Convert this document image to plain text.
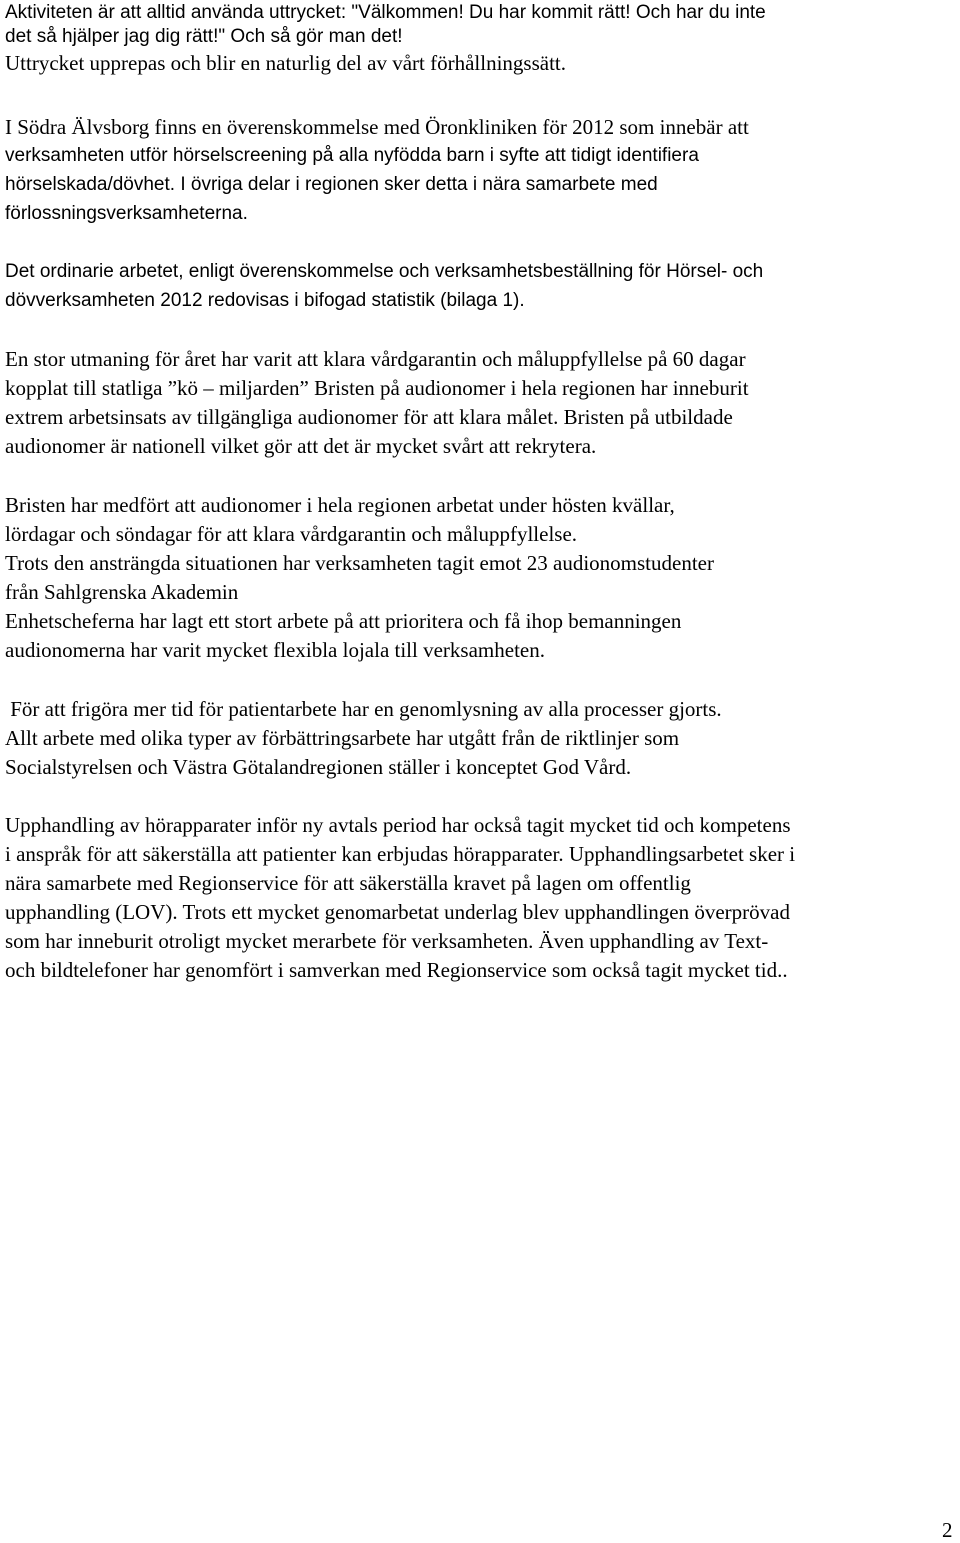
Aktiviteten är att alltid använda uttrycket: "Välkommen! Du har kommit rätt! Och har du inte
det så hjälper jag dig rätt!" Och så gör man det!
Uttrycket upprepas och blir en naturlig del av vårt förhållningssätt.
I Södra Älvsborg finns en överenskommelse med Öronkliniken för 2012 som innebär att
verksamheten utför hörselscreening på alla nyfödda barn i syfte att tidigt identifiera
hörselskada/dövhet. I övriga delar i regionen sker detta i nära samarbete med
förlossningsverksamheterna.
Det ordinarie arbetet, enligt överenskommelse och verksamhetsbeställning för Hörsel- och
dövverksamheten 2012 redovisas i bifogad statistik (bilaga 1).
En stor utmaning för året har varit att klara vårdgarantin och måluppfyllelse på 60 dagar
kopplat till statliga ”kö – miljarden” Bristen på audionomer i hela regionen har inneburit
extrem arbetsinsats av tillgängliga audionomer för att klara målet. Bristen på utbildade
audionomer är nationell vilket gör att det är mycket svårt att rekrytera.
Bristen har medfört att audionomer i hela regionen arbetat under hösten kvällar,
lördagar och söndagar för att klara vårdgarantin och måluppfyllelse.
Trots den ansträngda situationen har verksamheten tagit emot 23 audionomstudenter
från Sahlgrenska Akademin
Enhetscheferna har lagt ett stort arbete på att prioritera och få ihop bemanningen
audionomerna har varit mycket flexibla lojala till verksamheten.
För att frigöra mer tid för patientarbete har en genomlysning av alla processer gjorts.
Allt arbete med olika typer av förbättringsarbete har utgått från de riktlinjer som
Socialstyrelsen och Västra Götalandregionen ställer i konceptet God Vård.
Upphandling av hörapparater inför ny avtals period har också tagit mycket tid och kompetens
i anspråk för att säkerställa att patienter kan erbjudas hörapparater. Upphandlingsarbetet sker i
nära samarbete med Regionservice för att säkerställa kravet på lagen om offentlig
upphandling (LOV). Trots ett mycket genomarbetat underlag blev upphandlingen överprövad
som har inneburit otroligt mycket merarbete för verksamheten. Även upphandling av Text-
och bildtelefoner har genomfört i samverkan med Regionservice som också tagit mycket tid..
2
